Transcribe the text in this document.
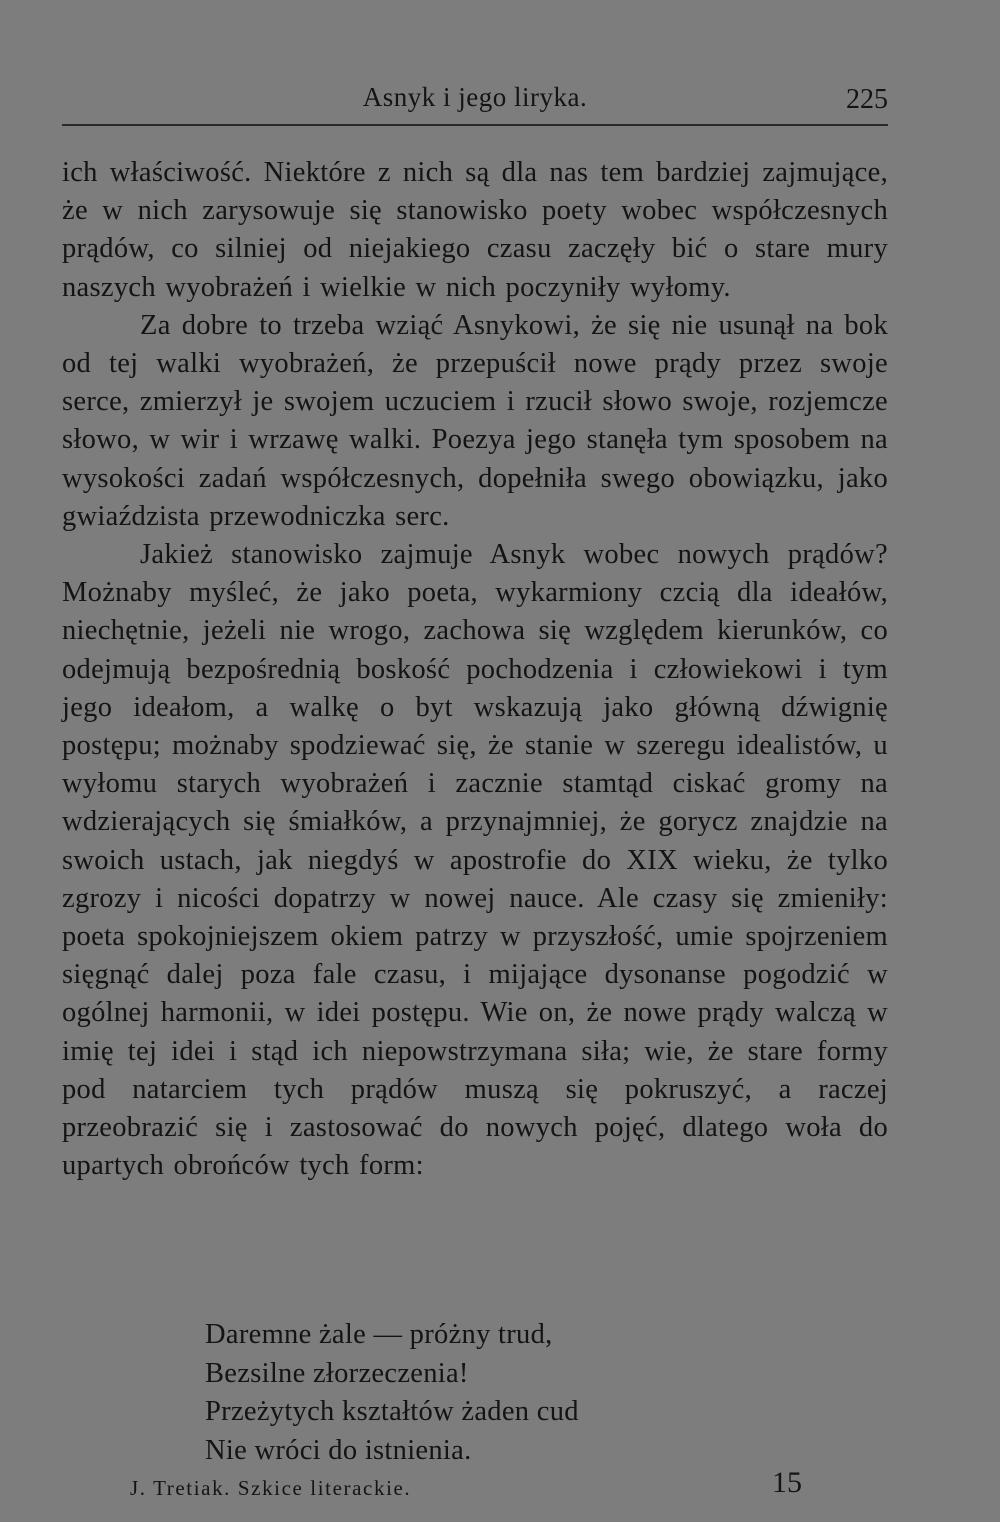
Asnyk i jego liryka.	225

ich właściwość. Niektóre z nich są dla nas tem bardziej zajmujące, że w nich zarysowuje się stanowisko poety wobec współczesnych prądów, co silniej od niejakiego czasu zaczęły bić o stare mury naszych wyobrażeń i wielkie w nich poczyniły wyłomy.

Za dobre to trzeba wziąć Asnykowi, że się nie usunął na bok od tej walki wyobrażeń, że przepuścił nowe prądy przez swoje serce, zmierzył je swojem uczuciem i rzucił słowo swoje, rozjemcze słowo, w wir i wrzawę walki. Poezya jego stanęła tym sposobem na wysokości zadań współczesnych, dopełniła swego obowiązku, jako gwiaździsta przewodniczka serc.

Jakież stanowisko zajmuje Asnyk wobec nowych prądów? Możnaby myśleć, że jako poeta, wykarmiony czcią dla ideałów, niechętnie, jeżeli nie wrogo, zachowa się względem kierunków, co odejmują bezpośrednią boskość pochodzenia i człowiekowi i tym jego ideałom, a walkę o byt wskazują jako główną dźwignię postępu; możnaby spodziewać się, że stanie w szeregu idealistów, u wyłomu starych wyobrażeń i zacznie stamtąd ciskać gromy na wdzierających się śmiałków, a przynajmniej, że gorycz znajdzie na swoich ustach, jak niegdyś w apostrofie do XIX wieku, że tylko zgrozy i nicości dopatrzy w nowej nauce. Ale czasy się zmieniły: poeta spokojniejszem okiem patrzy w przyszłość, umie spojrzeniem sięgnąć dalej poza fale czasu, i mijające dysonanse pogodzić w ogólnej harmonii, w idei postępu. Wie on, że nowe prądy walczą w imię tej idei i stąd ich niepowstrzymana siła; wie, że stare formy pod natarciem tych prądów muszą się pokruszyć, a raczej przeobrazić się i zastosować do nowych pojęć, dlatego woła do upartych obrońców tych form:

Daremne żale — próżny trud,
Bezsilne złorzeczenia!
Przeżytych kształtów żaden cud
Nie wróci do istnienia.
J. Tretiak. Szkice literackie.	15
